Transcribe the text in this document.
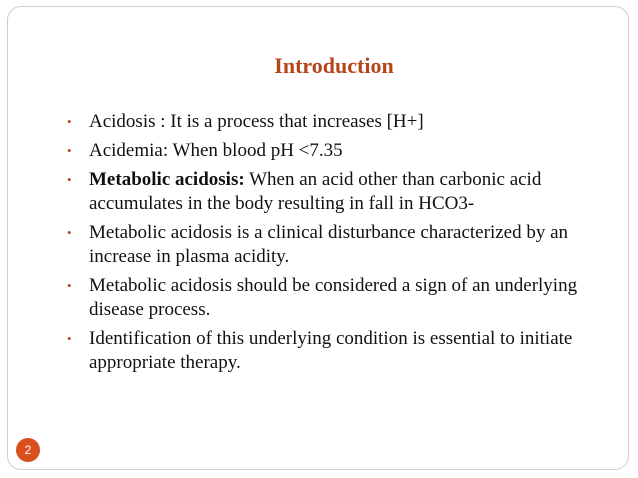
Introduction
• Acidosis : It is a process that increases [H+]
• Acidemia: When blood pH <7.35
• Metabolic acidosis: When an acid other than carbonic acid accumulates in the body resulting in fall in HCO3-
• Metabolic acidosis is a clinical disturbance characterized by an increase in plasma acidity.
• Metabolic acidosis should be considered a sign of an underlying disease process.
• Identification of this underlying condition is essential to initiate appropriate therapy.
2
